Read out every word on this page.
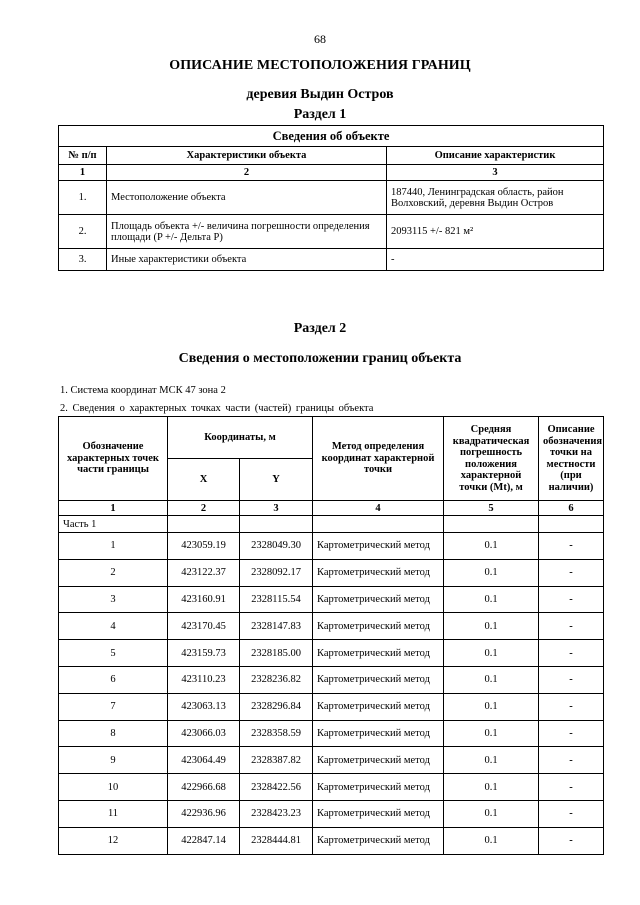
68
ОПИСАНИЕ МЕСТОПОЛОЖЕНИЯ ГРАНИЦ
деревия Выдин Остров
Раздел 1
Сведения об объекте		
№ п/п	Характеристики объекта	Описание характеристик
1	2	3
1.	Местоположение объекта	187440, Ленинградская область, район Волховский, деревня Выдин Остров
2.	Площадь объекта +/- величина погрешности определения площади (P +/- Дельта P)	2093115 +/- 821 м²
3.	Иные характеристики объекта	-
Раздел 2
Сведения о местоположении границ объекта
1. Система координат МСК 47 зона 2
2. Сведения о характерных точках части (частей) границы объекта
Обозначение характерных точек части границы	Координаты, м		Метод определения координат характерной точки	Средняя квадратическая погрешность положения характерной точки (Mt), м	Описание обозначения точки на местности (при наличии)
	X	Y			
1	2	3	4	5	6
Часть 1					
1	423059.19	2328049.30	Картометрический метод	0.1	-
2	423122.37	2328092.17	Картометрический метод	0.1	-
3	423160.91	2328115.54	Картометрический метод	0.1	-
4	423170.45	2328147.83	Картометрический метод	0.1	-
5	423159.73	2328185.00	Картометрический метод	0.1	-
6	423110.23	2328236.82	Картометрический метод	0.1	-
7	423063.13	2328296.84	Картометрический метод	0.1	-
8	423066.03	2328358.59	Картометрический метод	0.1	-
9	423064.49	2328387.82	Картометрический метод	0.1	-
10	422966.68	2328422.56	Картометрический метод	0.1	-
11	422936.96	2328423.23	Картометрический метод	0.1	-
12	422847.14	2328444.81	Картометрический метод	0.1	-
